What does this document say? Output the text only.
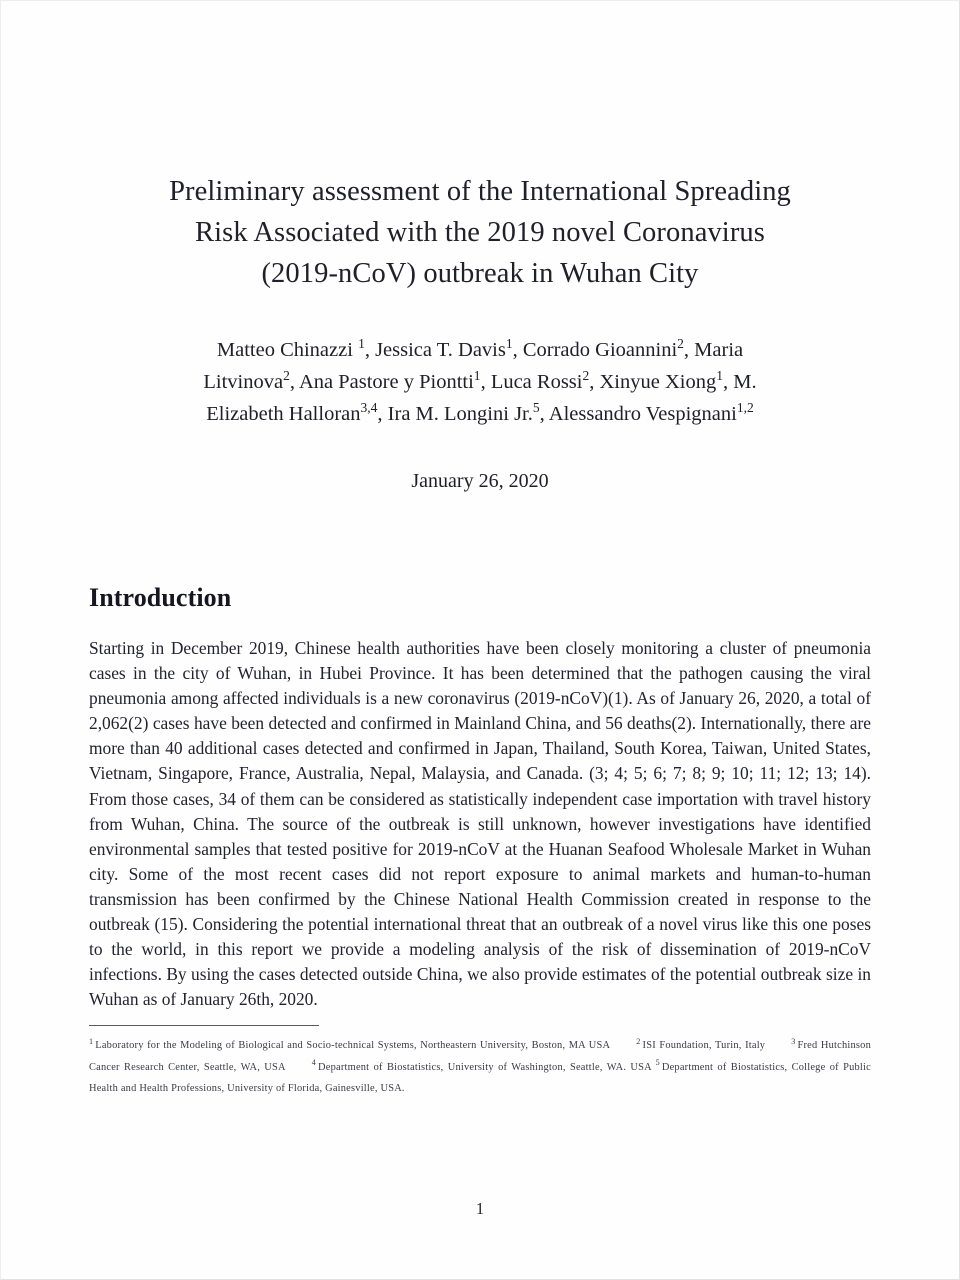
Preliminary assessment of the International Spreading
Risk Associated with the 2019 novel Coronavirus
(2019-nCoV) outbreak in Wuhan City
Matteo Chinazzi $^1$, Jessica T. Davis$^1$, Corrado Gioannini$^2$, Maria
Litvinova$^2$, Ana Pastore y Piontti$^1$, Luca Rossi$^2$, Xinyue Xiong$^1$, M.
Elizabeth Halloran$^{3,4}$, Ira M. Longini Jr.$^5$, Alessandro Vespignani$^{1,2}$
January 26, 2020
Introduction

Starting in December 2019, Chinese health authorities have been closely monitoring a cluster of pneumonia cases in the city of Wuhan, in Hubei Province. It has been determined that the pathogen causing the viral pneumonia among affected individuals is a new coronavirus (2019-nCoV)(1). As of January 26, 2020, a total of 2,062(2) cases have been detected and confirmed in Mainland China, and 56 deaths(2). Internationally, there are more than 40 additional cases detected and confirmed in Japan, Thailand, South Korea, Taiwan, United States, Vietnam, Singapore, France, Australia, Nepal, Malaysia, and Canada. (3; 4; 5; 6; 7; 8; 9; 10; 11; 12; 13; 14). From those cases, 34 of them can be considered as statistically independent case importation with travel history from Wuhan, China. The source of the outbreak is still unknown, however investigations have identified environmental samples that tested positive for 2019-nCoV at the Huanan Seafood Wholesale Market in Wuhan city. Some of the most recent cases did not report exposure to animal markets and human-to-human transmission has been confirmed by the Chinese National Health Commission created in response to the outbreak (15). Considering the potential international threat that an outbreak of a novel virus like this one poses to the world, in this report we provide a modeling analysis of the risk of dissemination of 2019-nCoV infections. By using the cases detected outside China, we also provide estimates of the potential outbreak size in Wuhan as of January 26th, 2020.

$^1$ Laboratory for the Modeling of Biological and Socio-technical Systems, Northeastern University, Boston, MA USA	$^2$ ISI Foundation, Turin, Italy	$^3$ Fred Hutchinson Cancer Research Center, Seattle, WA, USA	$^4$ Department of Biostatistics, University of Washington, Seattle, WA. USA $^5$ Department of Biostatistics, College of Public Health and Health Professions, University of Florida, Gainesville, USA.
1
